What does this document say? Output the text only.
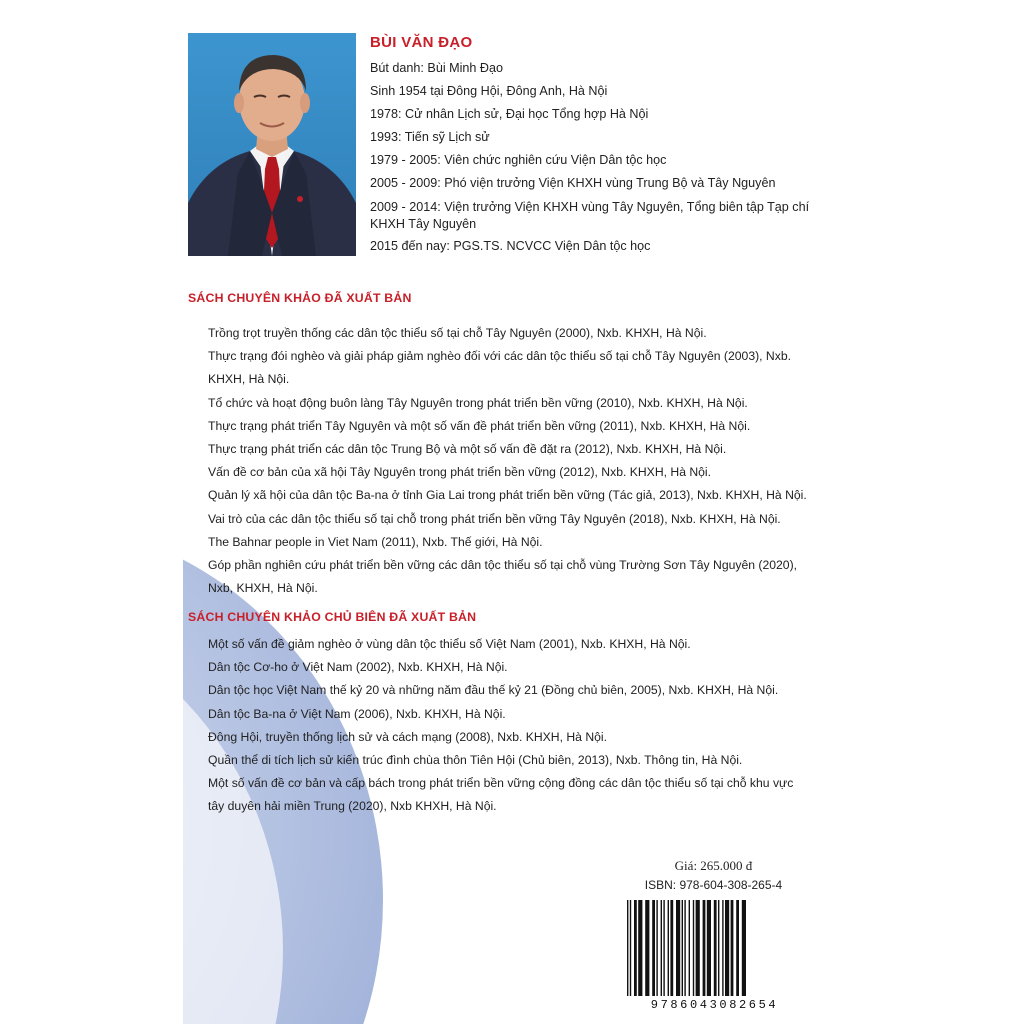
BÙI VĂN ĐẠO
Bút danh: Bùi Minh Đạo
Sinh 1954 tại Đông Hội, Đông Anh, Hà Nội
1978: Cử nhân Lịch sử, Đại học Tổng hợp Hà Nội
1993: Tiến sỹ Lịch sử
1979 - 2005: Viên chức nghiên cứu Viện Dân tộc học
2005 - 2009: Phó viện trưởng Viện KHXH vùng Trung Bộ và Tây Nguyên
2009 - 2014: Viện trưởng Viện KHXH vùng Tây Nguyên, Tổng biên tập Tạp chí KHXH Tây Nguyên
2015 đến nay: PGS.TS. NCVCC Viện Dân tộc học
SÁCH CHUYÊN KHẢO ĐÃ XUẤT BẢN
Trồng trọt truyền thống các dân tộc thiểu số tại chỗ Tây Nguyên (2000), Nxb. KHXH, Hà Nội.
Thực trạng đói nghèo và giải pháp giảm nghèo đối với các dân tộc thiểu số tại chỗ Tây Nguyên (2003), Nxb. KHXH, Hà Nội.
Tổ chức và hoạt động buôn làng Tây Nguyên trong phát triển bền vững (2010), Nxb. KHXH, Hà Nội.
Thực trạng phát triển Tây Nguyên và một số vấn đề phát triển bền vững (2011), Nxb. KHXH, Hà Nội.
Thực trạng phát triển các dân tộc Trung Bộ và một số vấn đề đặt ra (2012), Nxb. KHXH, Hà Nội.
Vấn đề cơ bản của xã hội Tây Nguyên trong phát triển bền vững (2012), Nxb. KHXH, Hà Nội.
Quản lý xã hội của dân tộc Ba-na ở tỉnh Gia Lai trong phát triển bền vững (Tác giả, 2013), Nxb. KHXH, Hà Nội.
Vai trò của các dân tộc thiểu số tại chỗ trong phát triển bền vững Tây Nguyên (2018), Nxb. KHXH, Hà Nội.
The Bahnar people in Viet Nam (2011), Nxb. Thế giới, Hà Nội.
Góp phần nghiên cứu phát triển bền vững các dân tộc thiểu số tại chỗ vùng Trường Sơn Tây Nguyên (2020), Nxb, KHXH, Hà Nội.
SÁCH CHUYÊN KHẢO CHỦ BIÊN ĐÃ XUẤT BẢN
Một số vấn đề giảm nghèo ở vùng dân tộc thiểu số Việt Nam (2001), Nxb. KHXH, Hà Nội.
Dân tộc Cơ-ho ở Việt Nam (2002), Nxb. KHXH, Hà Nội.
Dân tộc học Việt Nam thế kỷ 20 và những năm đầu thế kỷ 21 (Đồng chủ biên, 2005), Nxb. KHXH, Hà Nội.
Dân tộc Ba-na ở Việt Nam (2006), Nxb. KHXH, Hà Nội.
Đông Hội, truyền thống lịch sử và cách mạng (2008), Nxb. KHXH, Hà Nội.
Quần thể di tích lịch sử kiến trúc đình chùa thôn Tiên Hội (Chủ biên, 2013), Nxb. Thông tin, Hà Nội.
Một số vấn đề cơ bản và cấp bách trong phát triển bền vững cộng đồng các dân tộc thiểu số tại chỗ khu vực tây duyên hải miền Trung (2020), Nxb KHXH, Hà Nội.
Giá: 265.000 đ
ISBN: 978-604-308-265-4
9786043082654
